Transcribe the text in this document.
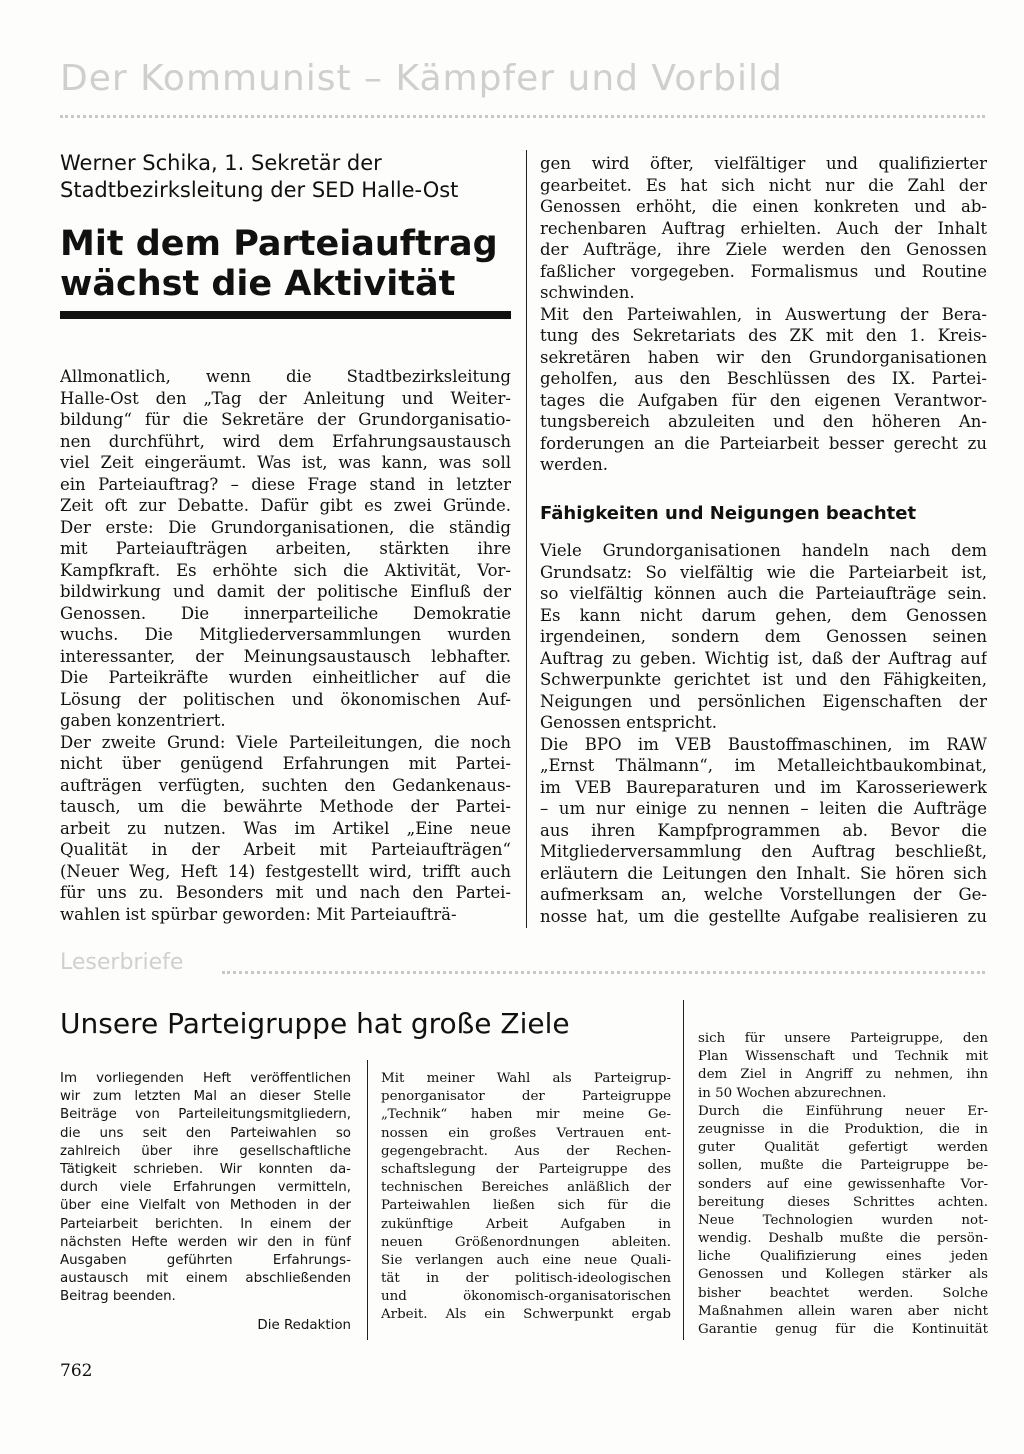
Der Kommunist – Kämpfer und Vorbild
Werner Schika, 1. Sekretär der
Stadtbezirksleitung der SED Halle-Ost
Mit dem Parteiauftrag
wächst die Aktivität

Allmonatlich, wenn die Stadtbezirksleitung

Halle-Ost den „Tag der Anleitung und Weiter-

bildung“ für die Sekretäre der Grundorganisatio-

nen durchführt, wird dem Erfahrungsaustausch

viel Zeit eingeräumt. Was ist, was kann, was soll

ein Parteiauftrag? – diese Frage stand in letzter

Zeit oft zur Debatte. Dafür gibt es zwei Gründe.

Der erste: Die Grundorganisationen, die ständig

mit Parteiaufträgen arbeiten, stärkten ihre

Kampfkraft. Es erhöhte sich die Aktivität, Vor-

bildwirkung und damit der politische Einfluß der

Genossen. Die innerparteiliche Demokratie

wuchs. Die Mitgliederversammlungen wurden

interessanter, der Meinungsaustausch lebhafter.

Die Parteikräfte wurden einheitlicher auf die

Lösung der politischen und ökonomischen Auf-

gaben konzentriert.

Der zweite Grund: Viele Parteileitungen, die noch

nicht über genügend Erfahrungen mit Partei-

aufträgen verfügten, suchten den Gedankenaus-

tausch, um die bewährte Methode der Partei-

arbeit zu nutzen. Was im Artikel „Eine neue

Qualität in der Arbeit mit Parteiaufträgen“

(Neuer Weg, Heft 14) festgestellt wird, trifft auch

für uns zu. Besonders mit und nach den Partei-

wahlen ist spürbar geworden: Mit Parteiaufträ-

gen wird öfter, vielfältiger und qualifizierter

gearbeitet. Es hat sich nicht nur die Zahl der

Genossen erhöht, die einen konkreten und ab-

rechenbaren Auftrag erhielten. Auch der Inhalt

der Aufträge, ihre Ziele werden den Genossen

faßlicher vorgegeben. Formalismus und Routine

schwinden.

Mit den Parteiwahlen, in Auswertung der Bera-

tung des Sekretariats des ZK mit den 1. Kreis-

sekretären haben wir den Grundorganisationen

geholfen, aus den Beschlüssen des IX. Partei-

tages die Aufgaben für den eigenen Verantwor-

tungsbereich abzuleiten und den höheren An-

forderungen an die Parteiarbeit besser gerecht zu

werden.

Fähigkeiten und Neigungen beachtet

Viele Grundorganisationen handeln nach dem

Grundsatz: So vielfältig wie die Parteiarbeit ist,

so vielfältig können auch die Parteiaufträge sein.

Es kann nicht darum gehen, dem Genossen

irgendeinen, sondern dem Genossen seinen

Auftrag zu geben. Wichtig ist, daß der Auftrag auf

Schwerpunkte gerichtet ist und den Fähigkeiten,

Neigungen und persönlichen Eigenschaften der

Genossen entspricht.

Die BPO im VEB Baustoffmaschinen, im RAW

„Ernst Thälmann“, im Metalleichtbaukombinat,

im VEB Baureparaturen und im Karosseriewerk

– um nur einige zu nennen – leiten die Aufträge

aus ihren Kampfprogrammen ab. Bevor die

Mitgliederversammlung den Auftrag beschließt,

erläutern die Leitungen den Inhalt. Sie hören sich

aufmerksam an, welche Vorstellungen der Ge-

nosse hat, um die gestellte Aufgabe realisieren zu

Leserbriefe
Unsere Parteigruppe hat große Ziele

Im vorliegenden Heft veröffentlichen

wir zum letzten Mal an dieser Stelle

Beiträge von Parteileitungsmitgliedern,

die uns seit den Parteiwahlen so

zahlreich über ihre gesellschaftliche

Tätigkeit schrieben. Wir konnten da-

durch viele Erfahrungen vermitteln,

über eine Vielfalt von Methoden in der

Parteiarbeit berichten. In einem der

nächsten Hefte werden wir den in fünf

Ausgaben geführten Erfahrungs-

austausch mit einem abschließenden

Beitrag beenden.

Die Redaktion

Mit meiner Wahl als Parteigrup-

penorganisator der Parteigruppe

„Technik“ haben mir meine Ge-

nossen ein großes Vertrauen ent-

gegengebracht. Aus der Rechen-

schaftslegung der Parteigruppe des

technischen Bereiches anläßlich der

Parteiwahlen ließen sich für die

zukünftige Arbeit Aufgaben in

neuen Größenordnungen ableiten.

Sie verlangen auch eine neue Quali-

tät in der politisch-ideologischen

und ökonomisch-organisatorischen

Arbeit. Als ein Schwerpunkt ergab

sich für unsere Parteigruppe, den

Plan Wissenschaft und Technik mit

dem Ziel in Angriff zu nehmen, ihn

in 50 Wochen abzurechnen.

Durch die Einführung neuer Er-

zeugnisse in die Produktion, die in

guter Qualität gefertigt werden

sollen, mußte die Parteigruppe be-

sonders auf eine gewissenhafte Vor-

bereitung dieses Schrittes achten.

Neue Technologien wurden not-

wendig. Deshalb mußte die persön-

liche Qualifizierung eines jeden

Genossen und Kollegen stärker als

bisher beachtet werden. Solche

Maßnahmen allein waren aber nicht

Garantie genug für die Kontinuität

762
